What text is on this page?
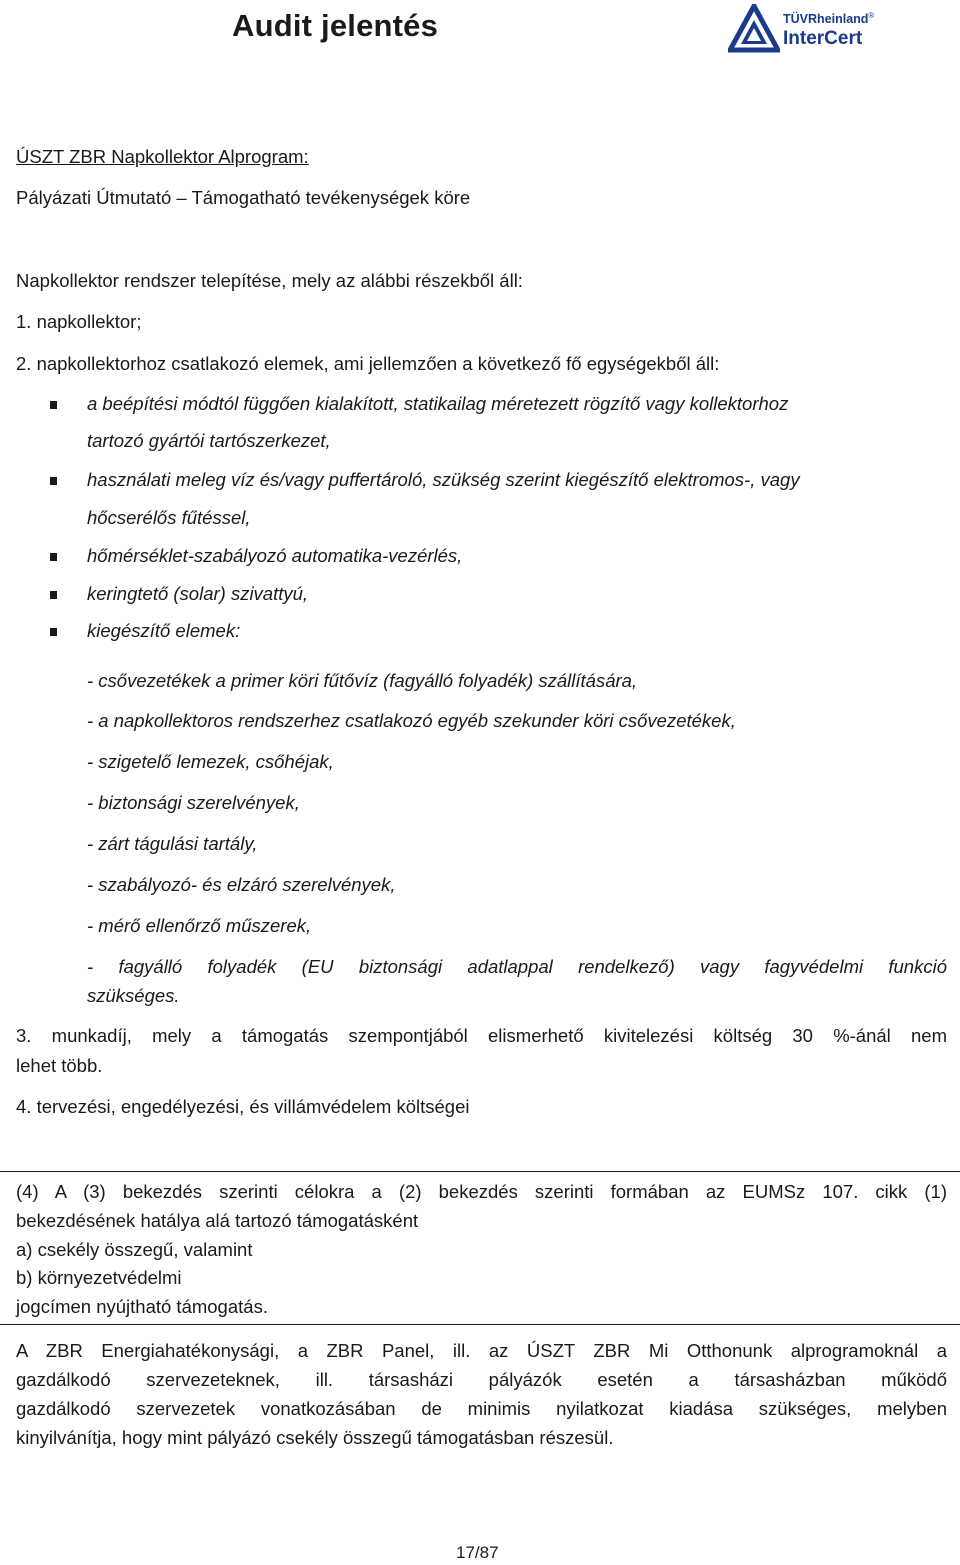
Audit jelentés	TÜVRheinland®
InterCert
ÚSZT ZBR Napkollektor Alprogram:
Pályázati Útmutató – Támogatható tevékenységek köre
Napkollektor rendszer telepítése, mely az alábbi részekből áll:
1. napkollektor;
2. napkollektorhoz csatlakozó elemek, ami jellemzően a következő fő egységekből áll:
a beépítési módtól függően kialakított, statikailag méretezett rögzítő vagy kollektorhoz
tartozó gyártói tartószerkezet,
használati meleg víz és/vagy puffertároló, szükség szerint kiegészítő elektromos-, vagy
hőcserélős fűtéssel,
hőmérséklet-szabályozó automatika-vezérlés,
keringtető (solar) szivattyú,
kiegészítő elemek:
- csővezetékek a primer köri fűtővíz (fagyálló folyadék) szállítására,
- a napkollektoros rendszerhez csatlakozó egyéb szekunder köri csővezetékek,
- szigetelő lemezek, csőhéjak,
- biztonsági szerelvények,
- zárt tágulási tartály,
- szabályozó- és elzáró szerelvények,
- mérő ellenőrző műszerek,
- fagyálló folyadék (EU biztonsági adatlappal rendelkező) vagy fagyvédelmi funkció
szükséges.
3. munkadíj, mely a támogatás szempontjából elismerhető kivitelezési költség 30 %-ánál nem
lehet több.
4. tervezési, engedélyezési, és villámvédelem költségei
(4) A (3) bekezdés szerinti célokra a (2) bekezdés szerinti formában az EUMSz 107. cikk (1)
bekezdésének hatálya alá tartozó támogatásként
a) csekély összegű, valamint
b) környezetvédelmi
jogcímen nyújtható támogatás.
A ZBR Energiahatékonysági, a ZBR Panel, ill. az ÚSZT ZBR Mi Otthonunk alprogramoknál a
gazdálkodó szervezeteknek, ill. társasházi pályázók esetén a társasházban működő
gazdálkodó szervezetek vonatkozásában de minimis nyilatkozat kiadása szükséges, melyben
kinyilvánítja, hogy mint pályázó csekély összegű támogatásban részesül.
17/87
